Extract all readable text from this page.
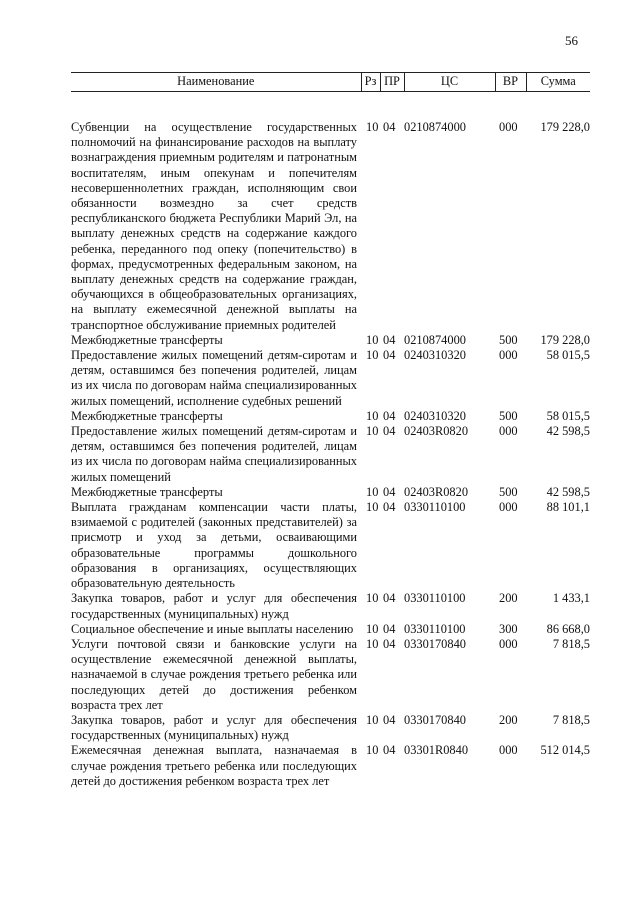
56
Наименование	Рз	ПР	ЦС	ВР	Сумма
Субвенции на осуществление государственных полномочий на финансирование расходов на выплату вознаграждения приемным родителям и патронатным воспитателям, иным опекунам и попечителям несовершеннолетних граждан, исполняющим свои обязанности возмездно за счет средств республиканского бюджета Республики Марий Эл, на выплату денежных средств на содержание каждого ребенка, переданного под опеку (попечительство) в формах, предусмотренных федеральным законом, на выплату денежных средств на содержание граждан, обучающихся в общеобразовательных организациях, на выплату ежемесячной денежной выплаты на транспортное обслуживание приемных родителей	10	04	0210874000	000	179 228,0
Межбюджетные трансферты	10	04	0210874000	500	179 228,0
Предоставление жилых помещений детям-сиротам и детям, оставшимся без попечения родителей, лицам из их числа по договорам найма специализированных жилых помещений, исполнение судебных решений	10	04	0240310320	000	58 015,5
Межбюджетные трансферты	10	04	0240310320	500	58 015,5
Предоставление жилых помещений детям-сиротам и детям, оставшимся без попечения родителей, лицам из их числа по договорам найма специализированных жилых помещений	10	04	02403R0820	000	42 598,5
Межбюджетные трансферты	10	04	02403R0820	500	42 598,5
Выплата гражданам компенсации части платы, взимаемой с родителей (законных представителей) за присмотр и уход за детьми, осваивающими образовательные программы дошкольного образования в организациях, осуществляющих образовательную деятельность	10	04	0330110100	000	88 101,1
Закупка товаров, работ и услуг для обеспечения государственных (муниципальных) нужд	10	04	0330110100	200	1 433,1
Социальное обеспечение и иные выплаты населению	10	04	0330110100	300	86 668,0
Услуги почтовой связи и банковские услуги на осуществление ежемесячной денежной выплаты, назначаемой в случае рождения третьего ребенка или последующих детей до достижения ребенком возраста трех лет	10	04	0330170840	000	7 818,5
Закупка товаров, работ и услуг для обеспечения государственных (муниципальных) нужд	10	04	0330170840	200	7 818,5
Ежемесячная денежная выплата, назначаемая в случае рождения третьего ребенка или последующих детей до достижения ребенком возраста трех лет	10	04	03301R0840	000	512 014,5
